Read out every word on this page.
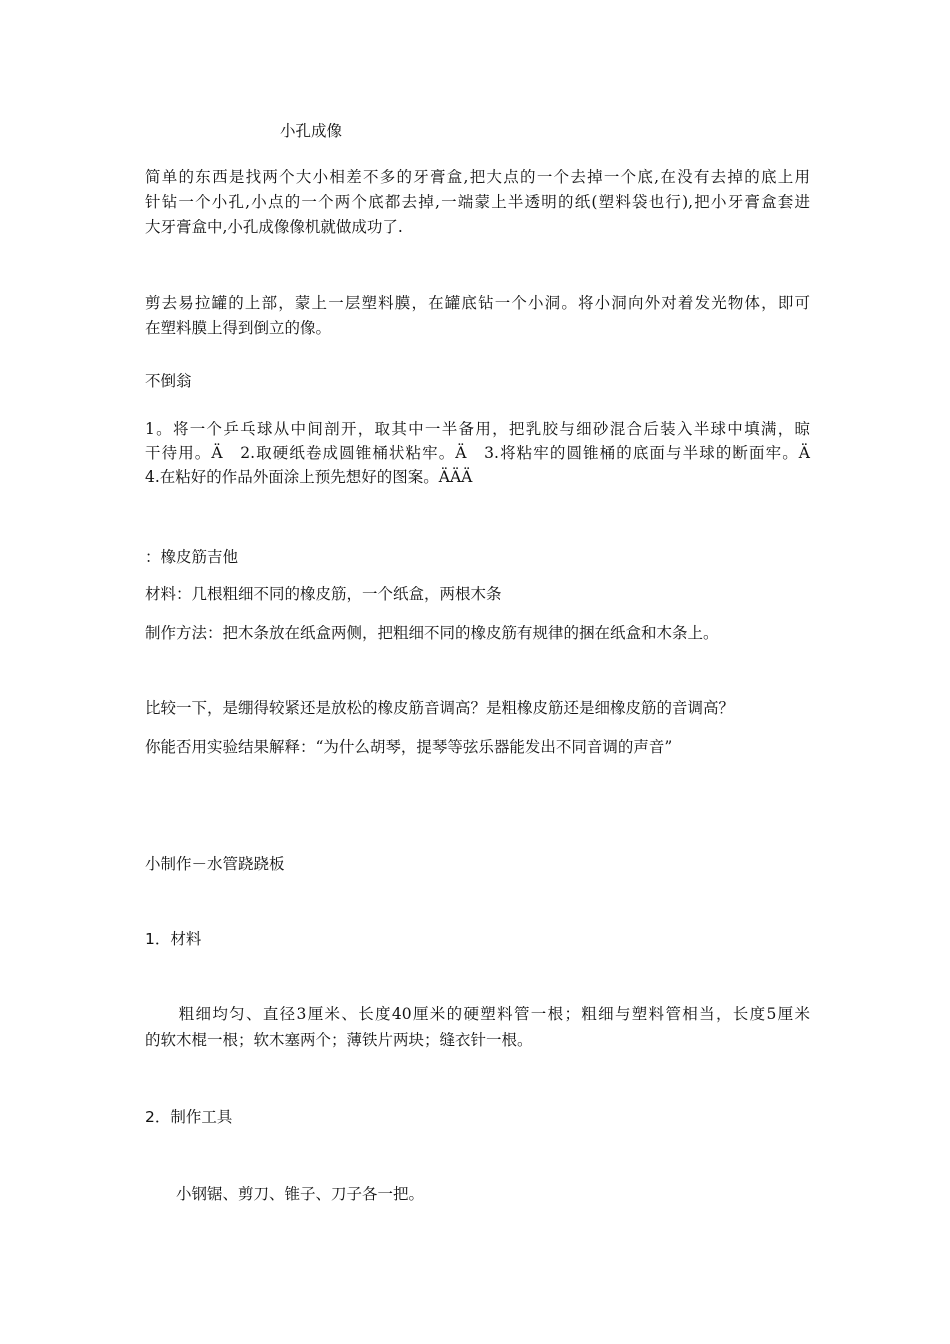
小孔成像
简单的东西是找两个大小相差不多的牙膏盒,把大点的一个去掉一个底,在没有去掉的底上用
针钻一个小孔,小点的一个两个底都去掉,一端蒙上半透明的纸(塑料袋也行),把小牙膏盒套进
大牙膏盒中,小孔成像像机就做成功了.
剪去易拉罐的上部，蒙上一层塑料膜，在罐底钻一个小洞。将小洞向外对着发光物体，即可
在塑料膜上得到倒立的像。
不倒翁
1。将一个乒乓球从中间剖开，取其中一半备用，把乳胶与细砂混合后装入半球中填满，晾
干待用。Ä　2.取硬纸卷成圆锥桶状粘牢。Ä　3.将粘牢的圆锥桶的底面与半球的断面牢。Ä
4.在粘好的作品外面涂上预先想好的图案。ÄÄÄ
：橡皮筋吉他
材料：几根粗细不同的橡皮筋，一个纸盒，两根木条
制作方法：把木条放在纸盒两侧，把粗细不同的橡皮筋有规律的捆在纸盒和木条上。
比较一下，是绷得较紧还是放松的橡皮筋音调高？是粗橡皮筋还是细橡皮筋的音调高？
你能否用实验结果解释：“为什么胡琴，提琴等弦乐器能发出不同音调的声音”
小制作－水管跷跷板
1．材料
　　粗细均匀、直径3厘米、长度40厘米的硬塑料管一根；粗细与塑料管相当，长度5厘米
的软木棍一根；软木塞两个；薄铁片两块；缝衣针一根。
2．制作工具
　　小钢锯、剪刀、锥子、刀子各一把。
